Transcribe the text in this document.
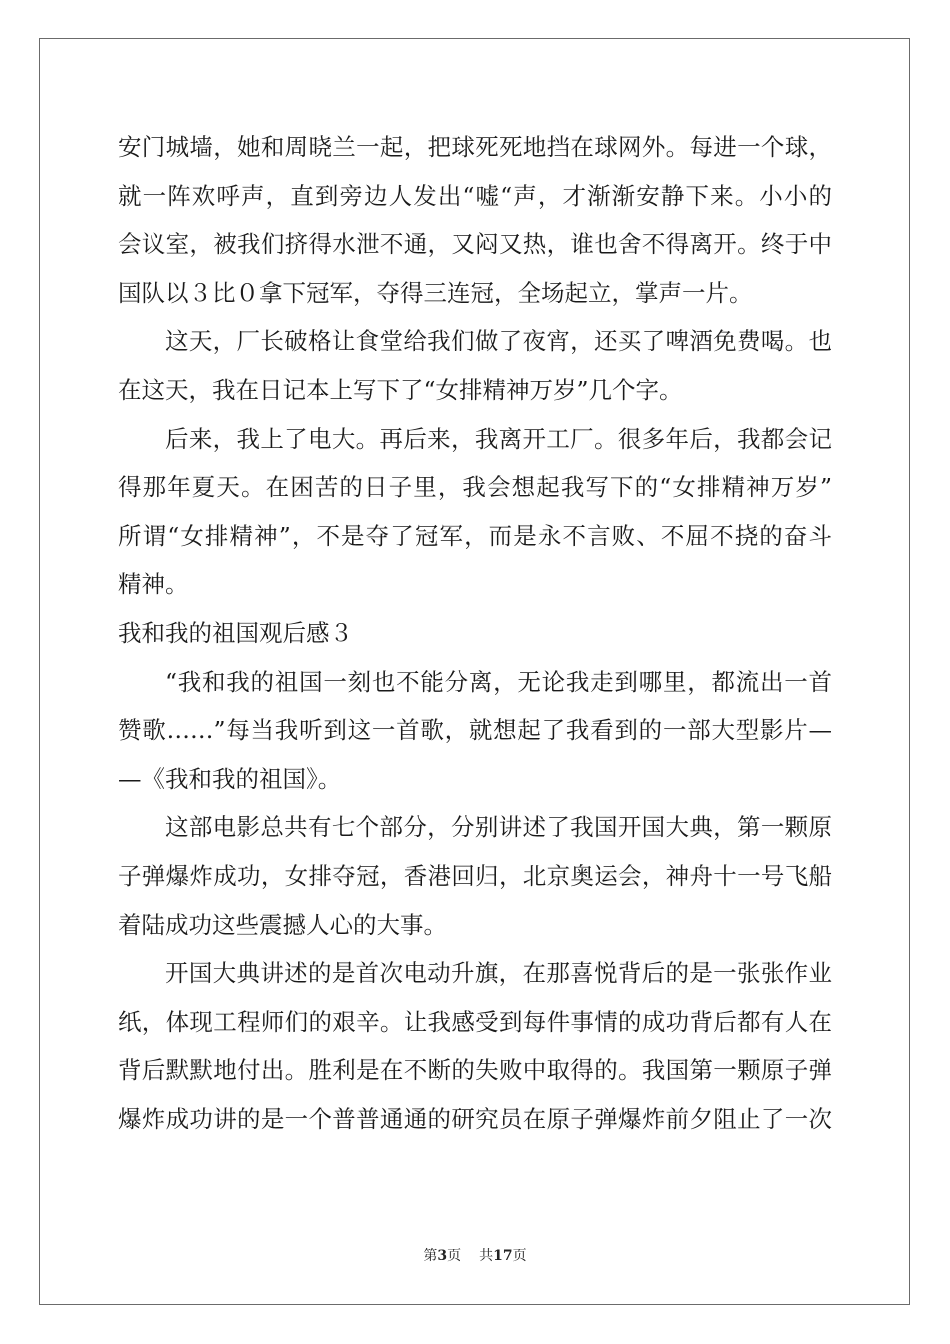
安门城墙，她和周晓兰一起，把球死死地挡在球网外。每进一个球，
就一阵欢呼声，直到旁边人发出“嘘“声，才渐渐安静下来。小小的
会议室，被我们挤得水泄不通，又闷又热，谁也舍不得离开。终于中
国队以３比０拿下冠军，夺得三连冠，全场起立，掌声一片。
这天，厂长破格让食堂给我们做了夜宵，还买了啤酒免费喝。也
在这天，我在日记本上写下了“女排精神万岁”几个字。
后来，我上了电大。再后来，我离开工厂。很多年后，我都会记
得那年夏天。在困苦的日子里，我会想起我写下的“女排精神万岁”
所谓“女排精神”，不是夺了冠军，而是永不言败、不屈不挠的奋斗
精神。
我和我的祖国观后感３
“我和我的祖国一刻也不能分离，无论我走到哪里，都流出一首
赞歌……”每当我听到这一首歌，就想起了我看到的一部大型影片—
—《我和我的祖国》。
这部电影总共有七个部分，分别讲述了我国开国大典，第一颗原
子弹爆炸成功，女排夺冠，香港回归，北京奥运会，神舟十一号飞船
着陆成功这些震撼人心的大事。
开国大典讲述的是首次电动升旗，在那喜悦背后的是一张张作业
纸，体现工程师们的艰辛。让我感受到每件事情的成功背后都有人在
背后默默地付出。胜利是在不断的失败中取得的。我国第一颗原子弹
爆炸成功讲的是一个普普通通的研究员在原子弹爆炸前夕阻止了一次
第3页 共17页
